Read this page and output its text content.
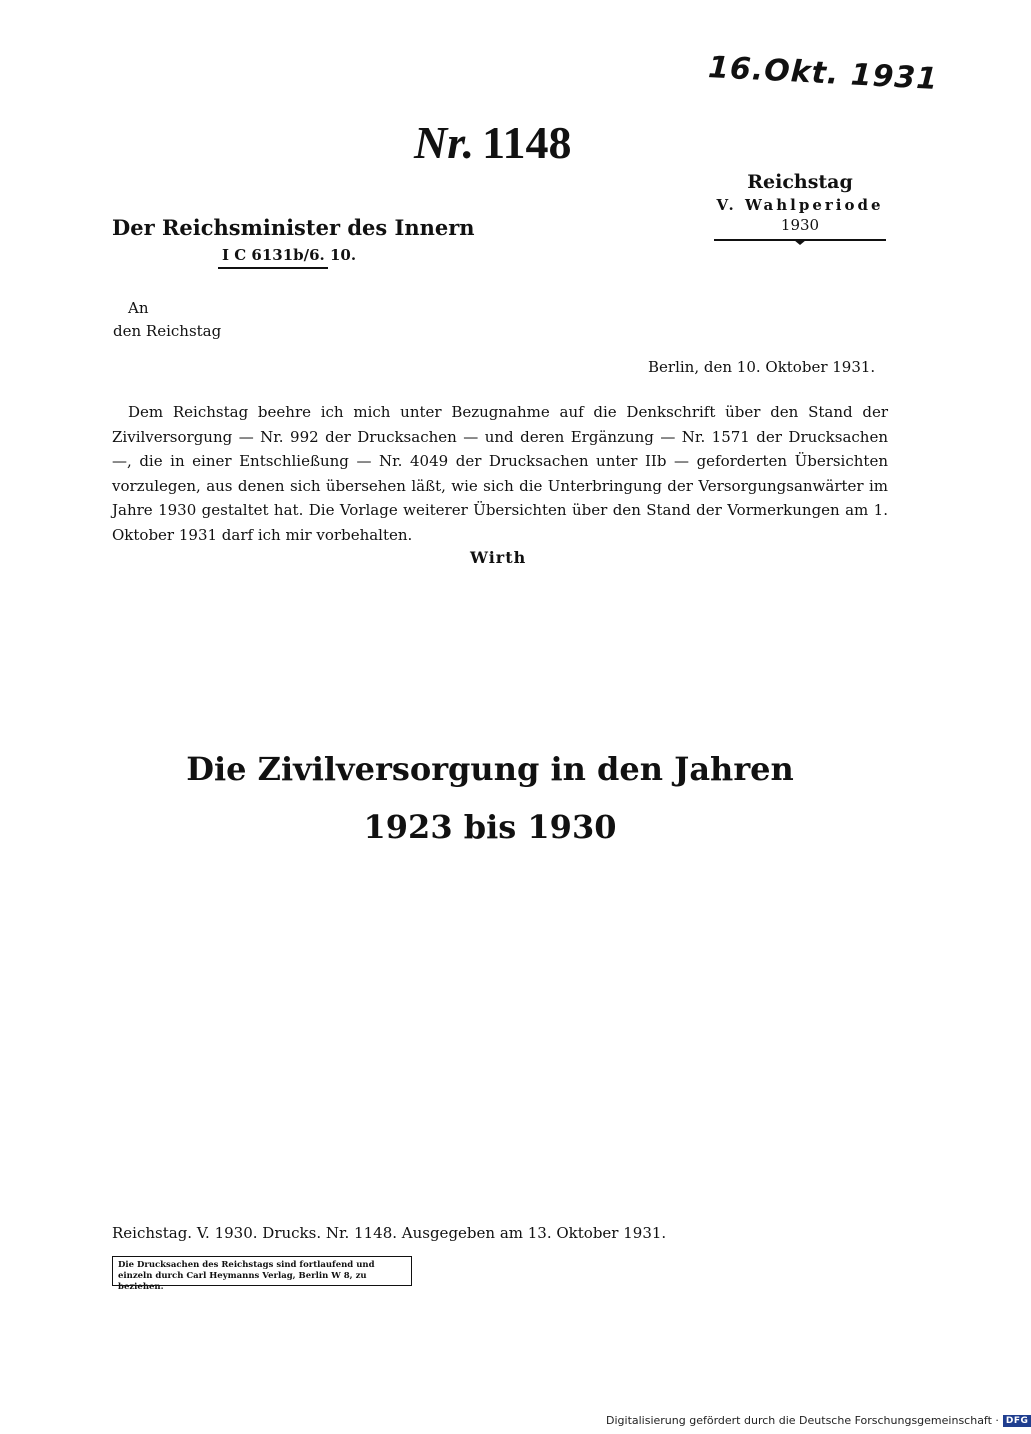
16.Okt. 1931
Nr. 1148
Reichstag
V. Wahlperiode
1930
Der Reichsminister des Innern
I C 6131b/6. 10.
An
den Reichstag
Berlin, den 10. Oktober 1931.
Dem Reichstag beehre ich mich unter Bezugnahme auf die Denkschrift über den Stand der Zivilversorgung — Nr. 992 der Drucksachen — und deren Ergänzung — Nr. 1571 der Drucksachen —, die in einer Entschließung — Nr. 4049 der Drucksachen unter IIb — geforderten Übersichten vorzulegen, aus denen sich übersehen läßt, wie sich die Unterbringung der Versorgungsanwärter im Jahre 1930 gestaltet hat. Die Vorlage weiterer Übersichten über den Stand der Vormerkungen am 1. Oktober 1931 darf ich mir vorbehalten.
Wirth
Die Zivilversorgung in den Jahren
1923 bis 1930
Reichstag. V. 1930. Drucks. Nr. 1148. Ausgegeben am 13. Oktober 1931.
Die Drucksachen des Reichstags sind fortlaufend und einzeln durch Carl Heymanns Verlag, Berlin W 8, zu beziehen.
Digitalisierung gefördert durch die Deutsche Forschungsgemeinschaft · DFG
